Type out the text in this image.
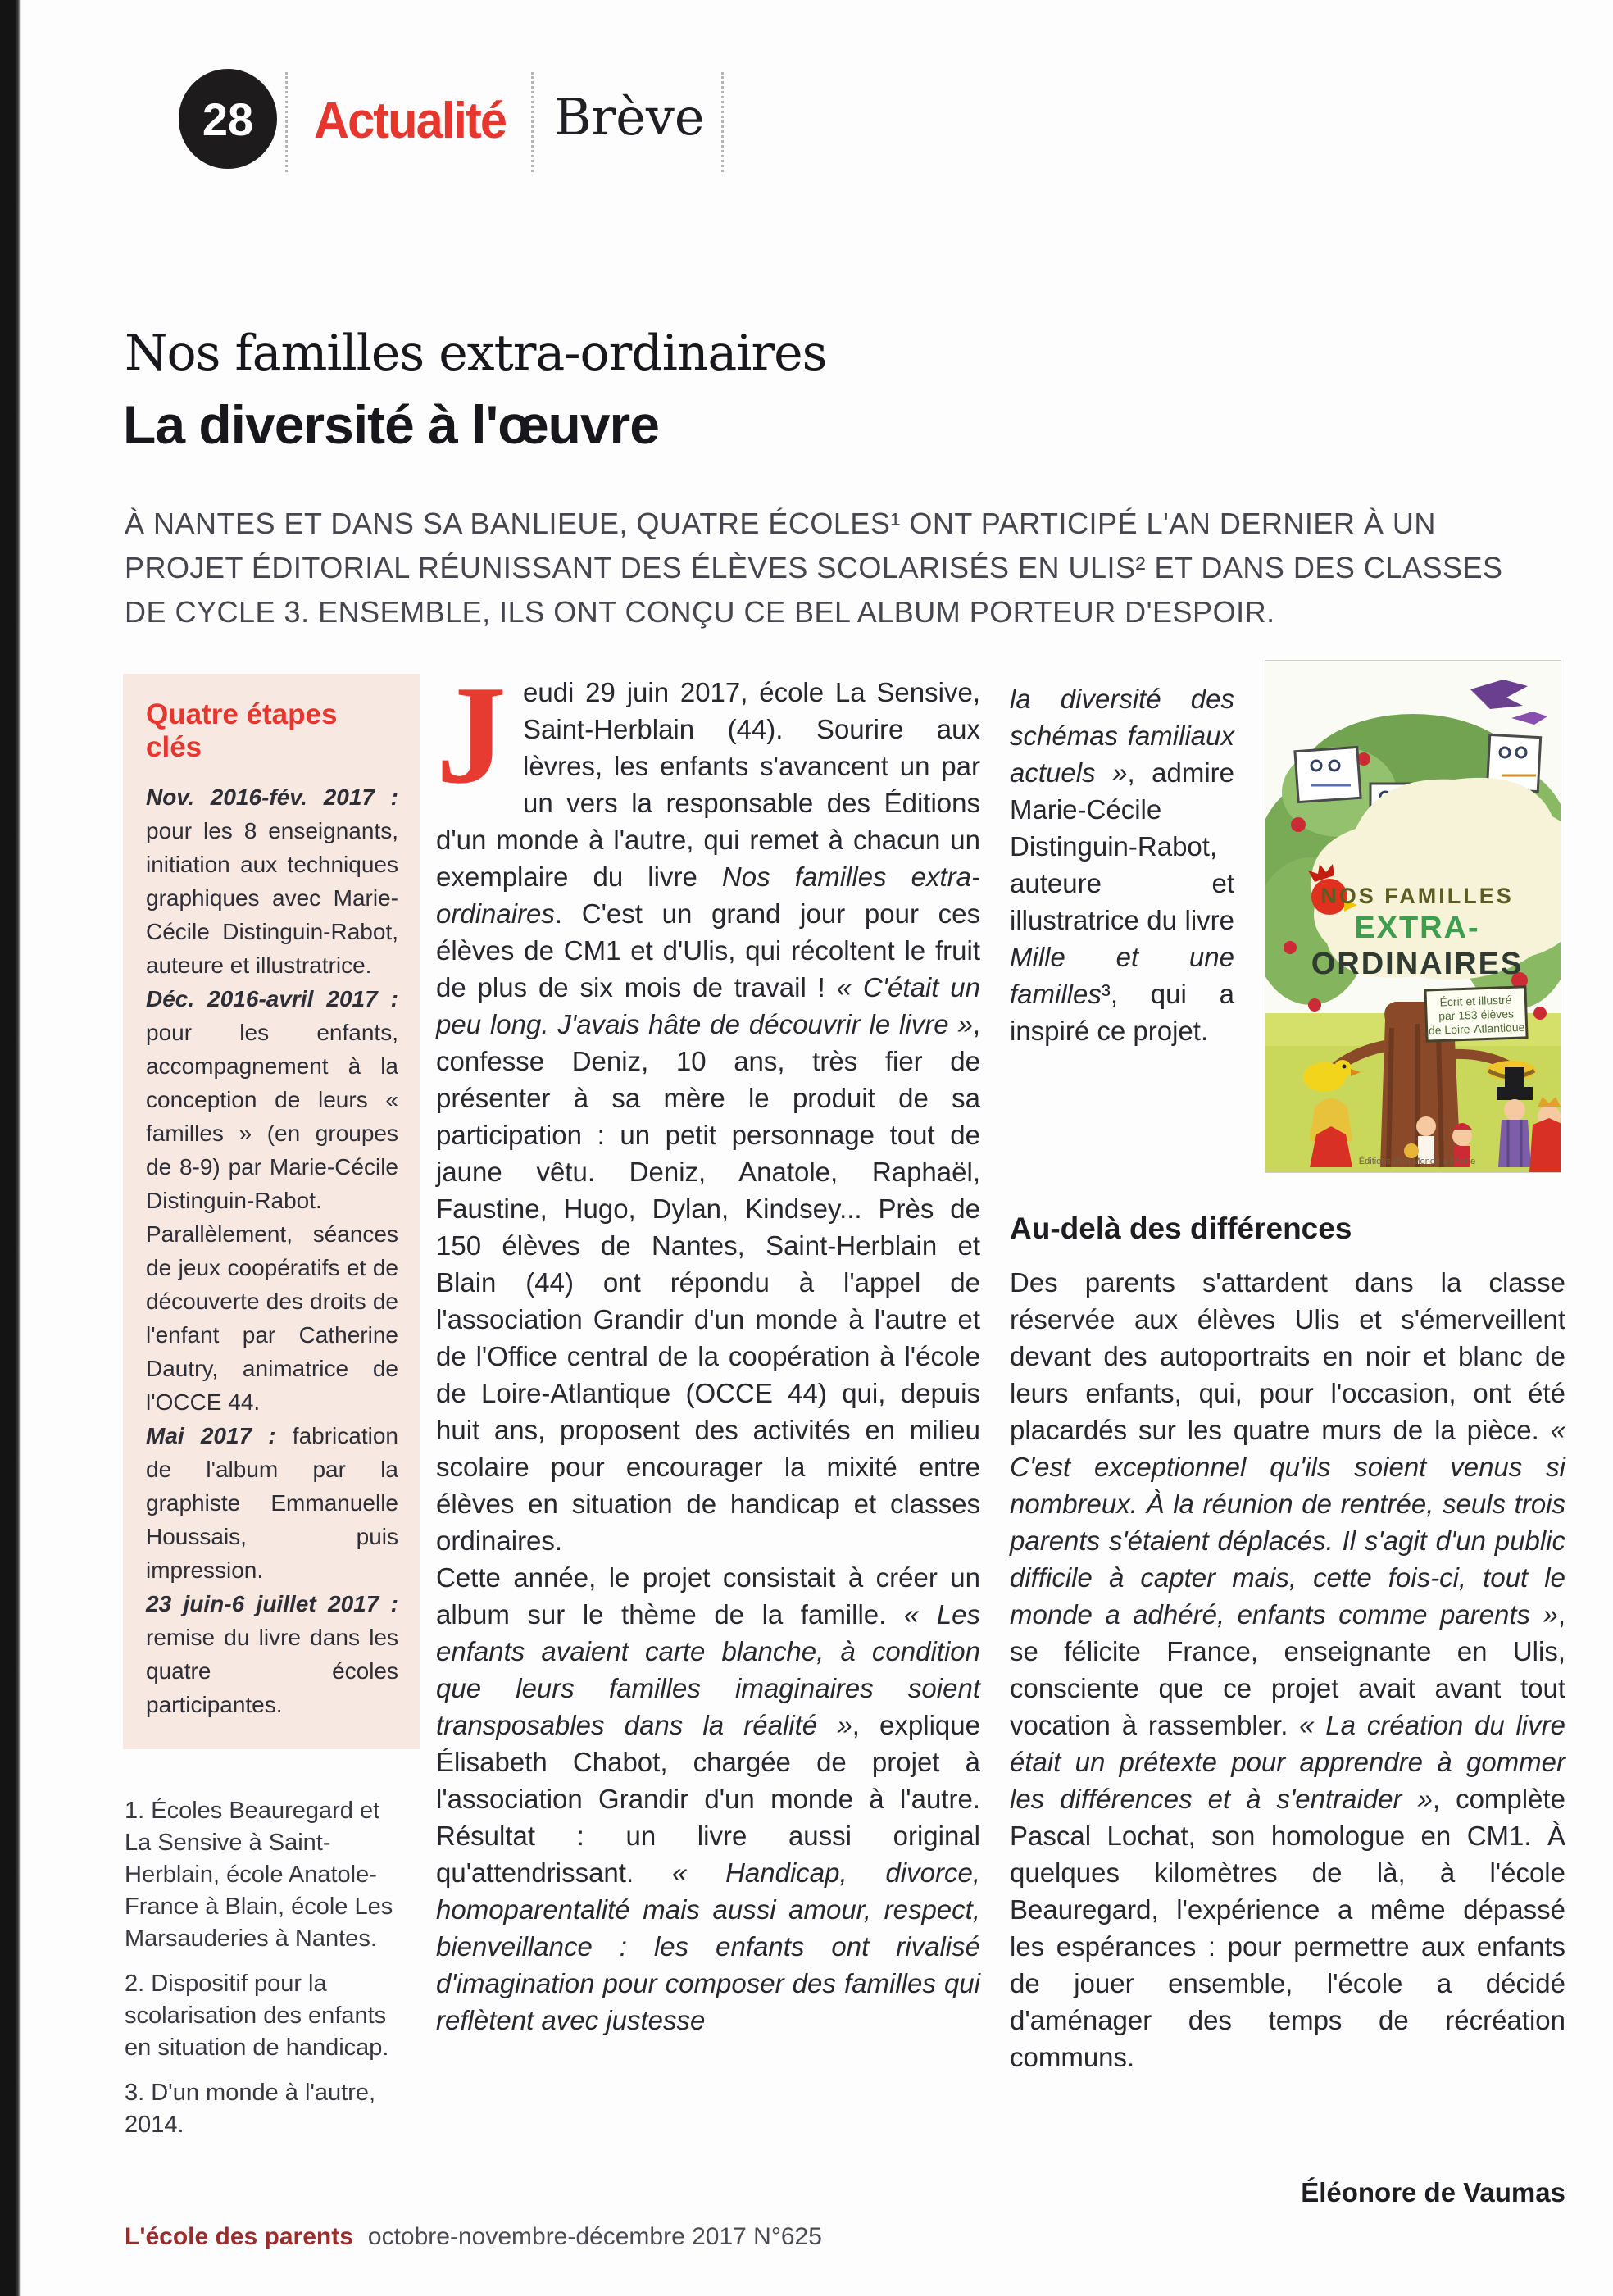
28 Actualité Brève
Nos familles extra-ordinaires
La diversité à l'œuvre
À NANTES ET DANS SA BANLIEUE, QUATRE ÉCOLES¹ ONT PARTICIPÉ L'AN DERNIER À UN PROJET ÉDITORIAL RÉUNISSANT DES ÉLÈVES SCOLARISÉS EN ULIS² ET DANS DES CLASSES DE CYCLE 3. ENSEMBLE, ILS ONT CONÇU CE BEL ALBUM PORTEUR D'ESPOIR.
Quatre étapes clés

Nov. 2016-fév. 2017 : pour les 8 enseignants, initiation aux techniques graphiques avec Marie-Cécile Distinguin-Rabot, auteure et illustratrice.

Déc. 2016-avril 2017 : pour les enfants, accompagnement à la conception de leurs « familles » (en groupes de 8-9) par Marie-Cécile Distinguin-Rabot. Parallèlement, séances de jeux coopératifs et de découverte des droits de l'enfant par Catherine Dautry, animatrice de l'OCCE 44.

Mai 2017 : fabrication de l'album par la graphiste Emmanuelle Houssais, puis impression.

23 juin-6 juillet 2017 : remise du livre dans les quatre écoles participantes.

1. Écoles Beauregard et La Sensive à Saint-Herblain, école Anatole-France à Blain, école Les Marsauderies à Nantes.

2. Dispositif pour la scolarisation des enfants en situation de handicap.

3. D'un monde à l'autre, 2014.

Jeudi 29 juin 2017, école La Sensive, Saint-Herblain (44). Sourire aux lèvres, les enfants s'avancent un par un vers la responsable des Éditions d'un monde à l'autre, qui remet à chacun un exemplaire du livre Nos familles extra-ordinaires. C'est un grand jour pour ces élèves de CM1 et d'Ulis, qui récoltent le fruit de plus de six mois de travail ! « C'était un peu long. J'avais hâte de découvrir le livre », confesse Deniz, 10 ans, très fier de présenter à sa mère le produit de sa participation : un petit personnage tout de jaune vêtu. Deniz, Anatole, Raphaël, Faustine, Hugo, Dylan, Kindsey... Près de 150 élèves de Nantes, Saint-Herblain et Blain (44) ont répondu à l'appel de l'association Grandir d'un monde à l'autre et de l'Office central de la coopération à l'école de Loire-Atlantique (OCCE 44) qui, depuis huit ans, proposent des activités en milieu scolaire pour encourager la mixité entre élèves en situation de handicap et classes ordinaires.

Cette année, le projet consistait à créer un album sur le thème de la famille. « Les enfants avaient carte blanche, à condition que leurs familles imaginaires soient transposables dans la réalité », explique Élisabeth Chabot, chargée de projet à l'association Grandir d'un monde à l'autre. Résultat : un livre aussi original qu'attendrissant. « Handicap, divorce, homoparentalité mais aussi amour, respect, bienveillance : les enfants ont rivalisé d'imagination pour composer des familles qui reflètent avec justesse

la diversité des schémas familiaux actuels », admire Marie-Cécile Distinguin-Rabot, auteure et illustratrice du livre Mille et une familles³, qui a inspiré ce projet.
NOS FAMILLES
EXTRA-
ORDINAIRES
Écrit et illustré
par 153 élèves
de Loire-Atlantique
Éditions d'un Monde à l'Autre
Au-delà des différences
Des parents s'attardent dans la classe réservée aux élèves Ulis et s'émerveillent devant des autoportraits en noir et blanc de leurs enfants, qui, pour l'occasion, ont été placardés sur les quatre murs de la pièce. « C'est exceptionnel qu'ils soient venus si nombreux. À la réunion de rentrée, seuls trois parents s'étaient déplacés. Il s'agit d'un public difficile à capter mais, cette fois-ci, tout le monde a adhéré, enfants comme parents », se félicite France, enseignante en Ulis, consciente que ce projet avait avant tout vocation à rassembler. « La création du livre était un prétexte pour apprendre à gommer les différences et à s'entraider », complète Pascal Lochat, son homologue en CM1. À quelques kilomètres de là, à l'école Beauregard, l'expérience a même dépassé les espérances : pour permettre aux enfants de jouer ensemble, l'école a décidé d'aménager des temps de récréation communs.
Éléonore de Vaumas
L'école des parents octobre-novembre-décembre 2017 N°625
